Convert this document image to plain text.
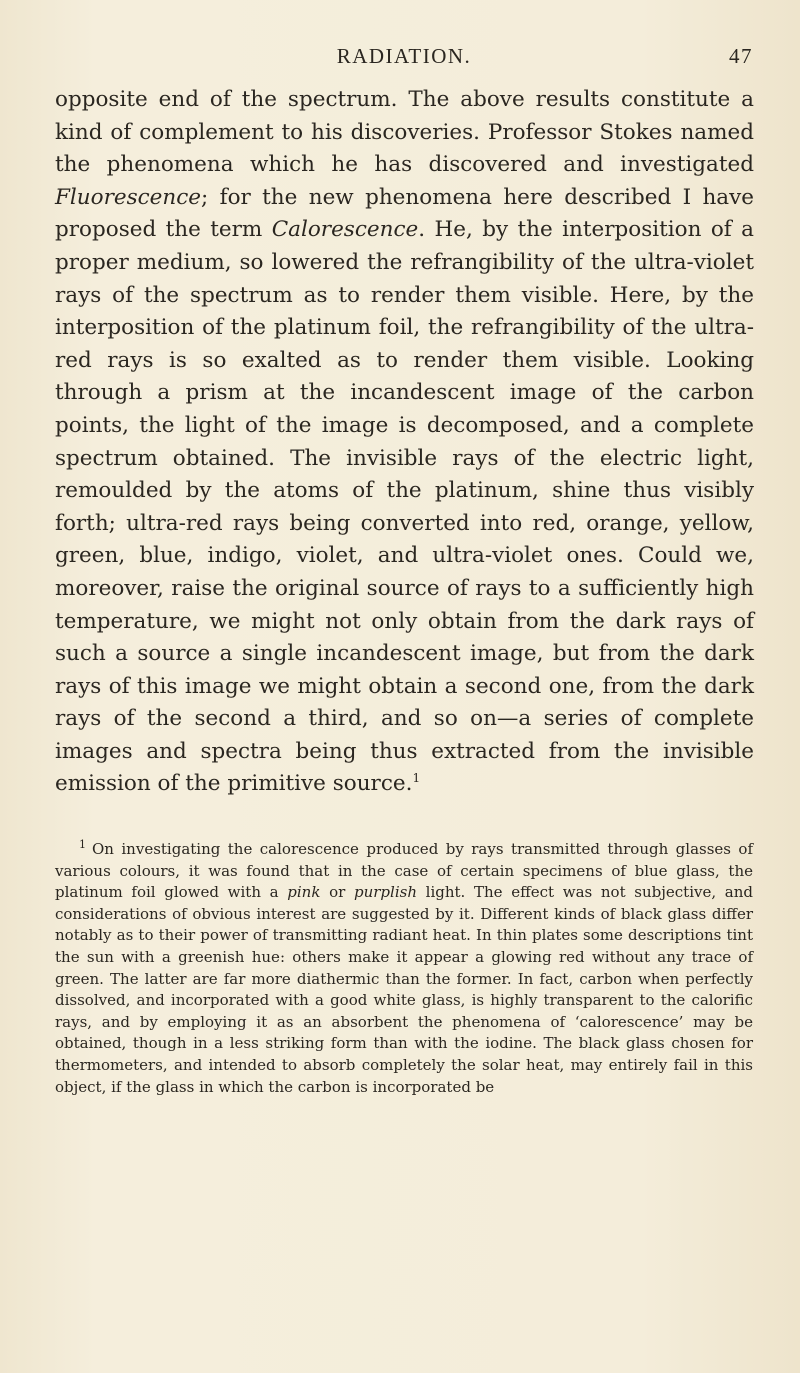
RADIATION.	47

opposite end of the spectrum. The above results constitute a kind of complement to his discoveries. Professor Stokes named the phenomena which he has discovered and investigated Fluorescence; for the new phenomena here described I have proposed the term Calorescence. He, by the interposition of a proper medium, so lowered the refrangibility of the ultra-violet rays of the spectrum as to render them visible. Here, by the interposition of the platinum foil, the refrangibility of the ultra-red rays is so exalted as to render them visible. Looking through a prism at the incandescent image of the carbon points, the light of the image is decomposed, and a complete spectrum obtained. The invisible rays of the electric light, remoulded by the atoms of the platinum, shine thus visibly forth; ultra-red rays being converted into red, orange, yellow, green, blue, indigo, violet, and ultra-violet ones. Could we, moreover, raise the original source of rays to a sufficiently high temperature, we might not only obtain from the dark rays of such a source a single incandescent image, but from the dark rays of this image we might obtain a second one, from the dark rays of the second a third, and so on—a series of complete images and spectra being thus extracted from the invisible emission of the primitive source.$^1$

$^1$ On investigating the calorescence produced by rays transmitted through glasses of various colours, it was found that in the case of certain specimens of blue glass, the platinum foil glowed with a pink or purplish light. The effect was not subjective, and considerations of obvious interest are suggested by it. Different kinds of black glass differ notably as to their power of transmitting radiant heat. In thin plates some descriptions tint the sun with a greenish hue: others make it appear a glowing red without any trace of green. The latter are far more diathermic than the former. In fact, carbon when perfectly dissolved, and incorporated with a good white glass, is highly transparent to the calorific rays, and by employing it as an absorbent the phenomena of ‘calorescence’ may be obtained, though in a less striking form than with the iodine. The black glass chosen for thermometers, and intended to absorb completely the solar heat, may entirely fail in this object, if the glass in which the carbon is incorporated be
